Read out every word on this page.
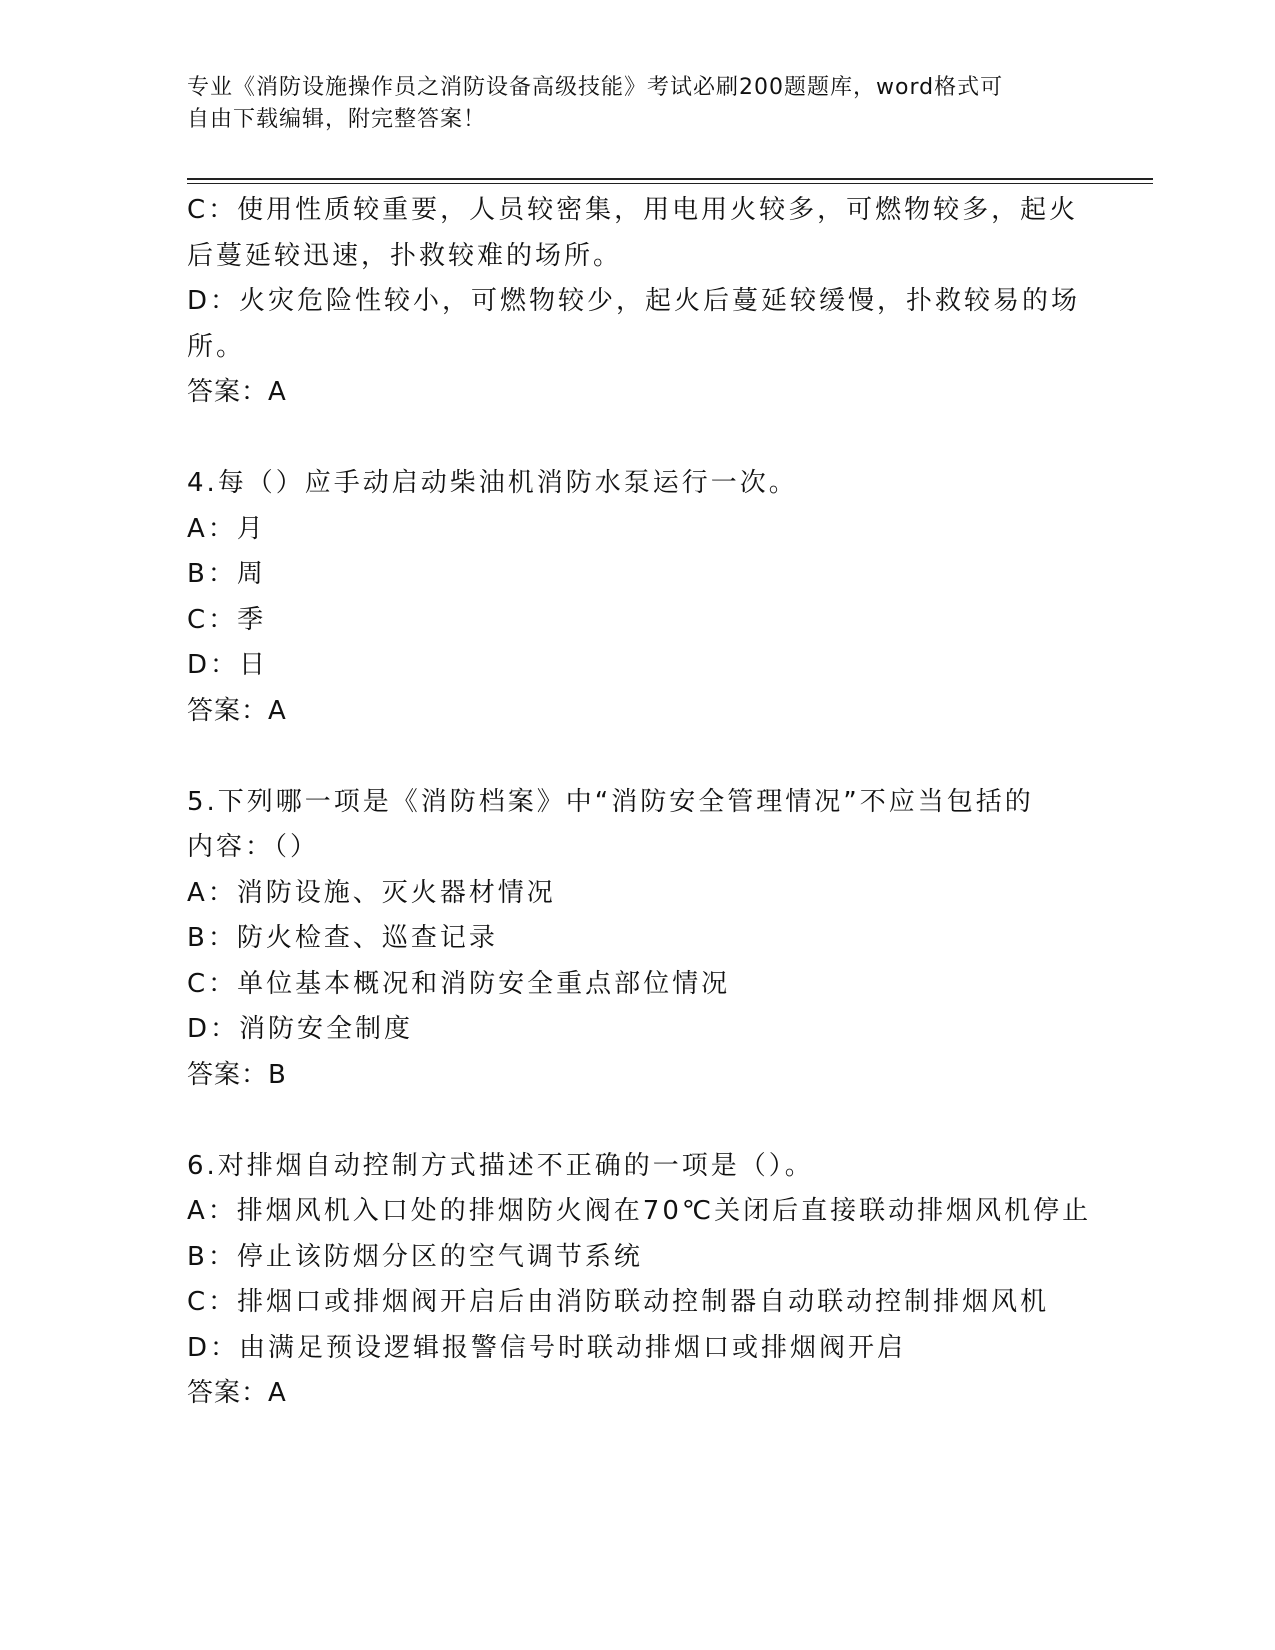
专业《消防设施操作员之消防设备高级技能》考试必刷200题题库，word格式可
自由下载编辑，附完整答案！
C：使用性质较重要，人员较密集，用电用火较多，可燃物较多，起火
后蔓延较迅速，扑救较难的场所。
D：火灾危险性较小，可燃物较少，起火后蔓延较缓慢，扑救较易的场
所。
答案：A
4.每（）应手动启动柴油机消防水泵运行一次。
A：月
B：周
C：季
D：日
答案：A
5.下列哪一项是《消防档案》中“消防安全管理情况”不应当包括的
内容：（）
A：消防设施、灭火器材情况
B：防火检查、巡查记录
C：单位基本概况和消防安全重点部位情况
D：消防安全制度
答案：B
6.对排烟自动控制方式描述不正确的一项是（）。
A：排烟风机入口处的排烟防火阀在70℃关闭后直接联动排烟风机停止
B：停止该防烟分区的空气调节系统
C：排烟口或排烟阀开启后由消防联动控制器自动联动控制排烟风机
D：由满足预设逻辑报警信号时联动排烟口或排烟阀开启
答案：A
